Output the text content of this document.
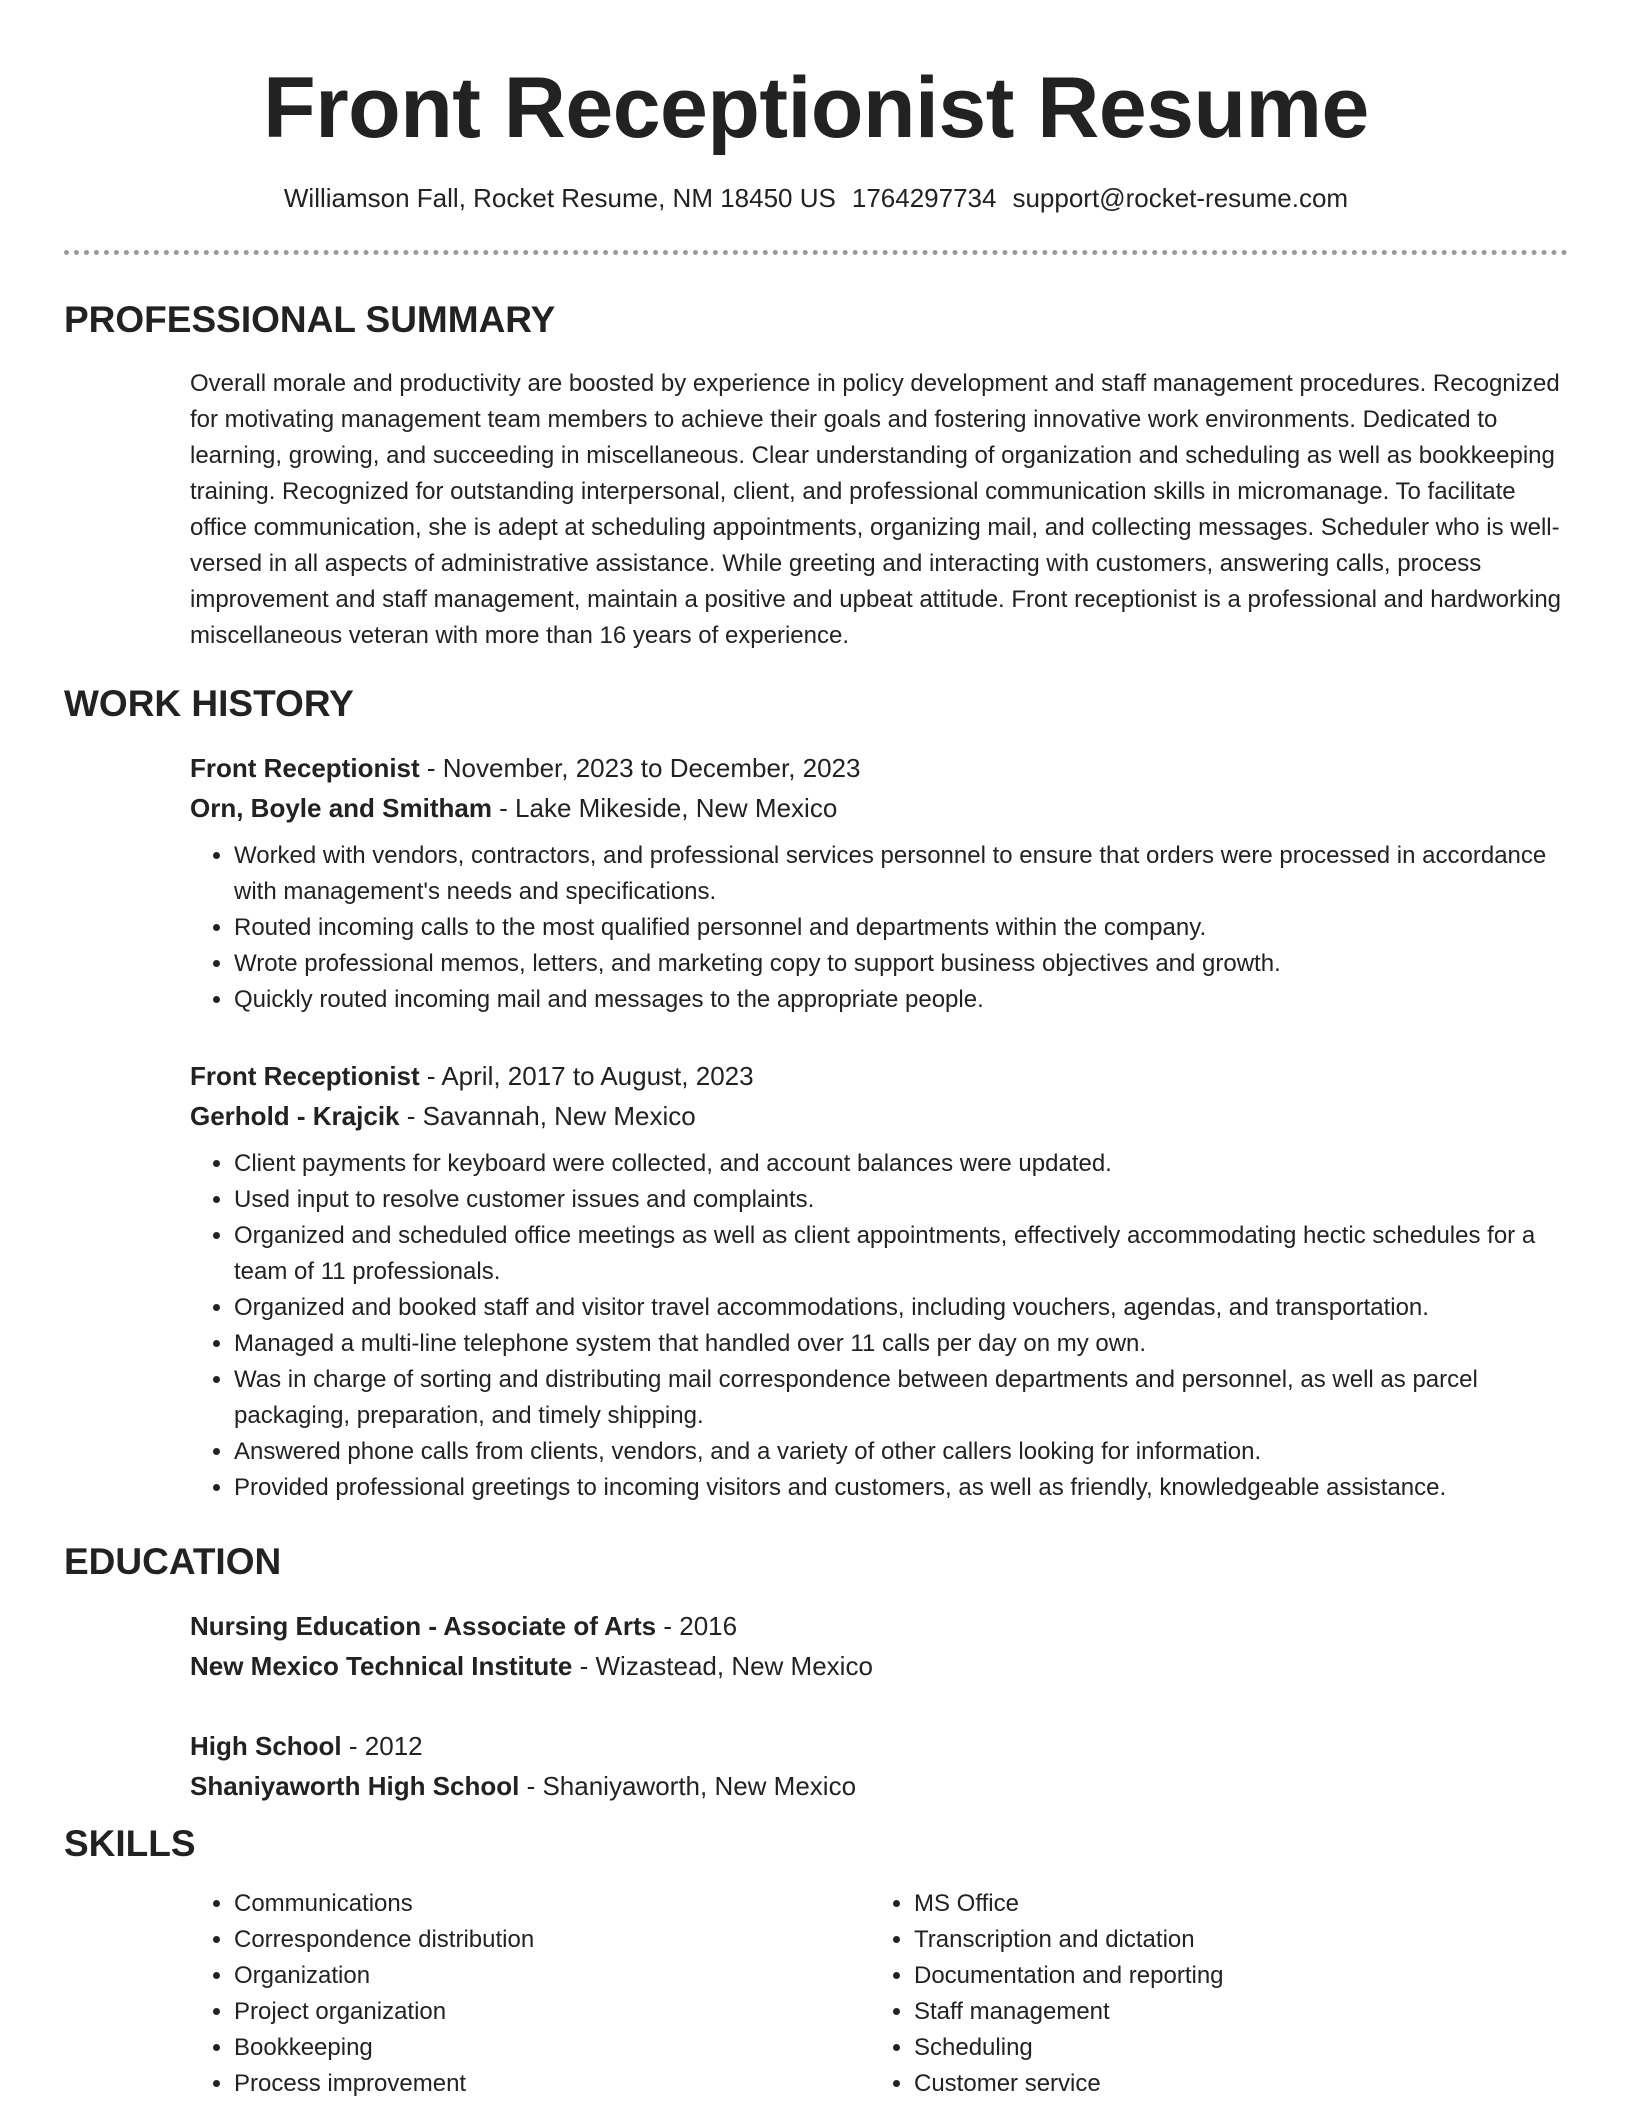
Front Receptionist Resume
Williamson Fall, Rocket Resume, NM 18450 US 1764297734 support@rocket-resume.com
PROFESSIONAL SUMMARY
Overall morale and productivity are boosted by experience in policy development and staff management procedures. Recognized for motivating management team members to achieve their goals and fostering innovative work environments. Dedicated to learning, growing, and succeeding in miscellaneous. Clear understanding of organization and scheduling as well as bookkeeping training. Recognized for outstanding interpersonal, client, and professional communication skills in micromanage. To facilitate office communication, she is adept at scheduling appointments, organizing mail, and collecting messages. Scheduler who is well-versed in all aspects of administrative assistance. While greeting and interacting with customers, answering calls, process improvement and staff management, maintain a positive and upbeat attitude. Front receptionist is a professional and hardworking miscellaneous veteran with more than 16 years of experience.
WORK HISTORY
Front Receptionist - November, 2023 to December, 2023
Orn, Boyle and Smitham - Lake Mikeside, New Mexico
• Worked with vendors, contractors, and professional services personnel to ensure that orders were processed in accordance with management's needs and specifications.
• Routed incoming calls to the most qualified personnel and departments within the company.
• Wrote professional memos, letters, and marketing copy to support business objectives and growth.
• Quickly routed incoming mail and messages to the appropriate people.
Front Receptionist - April, 2017 to August, 2023
Gerhold - Krajcik - Savannah, New Mexico
• Client payments for keyboard were collected, and account balances were updated.
• Used input to resolve customer issues and complaints.
• Organized and scheduled office meetings as well as client appointments, effectively accommodating hectic schedules for a team of 11 professionals.
• Organized and booked staff and visitor travel accommodations, including vouchers, agendas, and transportation.
• Managed a multi-line telephone system that handled over 11 calls per day on my own.
• Was in charge of sorting and distributing mail correspondence between departments and personnel, as well as parcel packaging, preparation, and timely shipping.
• Answered phone calls from clients, vendors, and a variety of other callers looking for information.
• Provided professional greetings to incoming visitors and customers, as well as friendly, knowledgeable assistance.
EDUCATION
Nursing Education - Associate of Arts - 2016
New Mexico Technical Institute - Wizastead, New Mexico
High School - 2012
Shaniyaworth High School - Shaniyaworth, New Mexico
SKILLS
• Communications
• Correspondence distribution
• Organization
• Project organization
• Bookkeeping
• Process improvement
• MS Office
• Transcription and dictation
• Documentation and reporting
• Staff management
• Scheduling
• Customer service
